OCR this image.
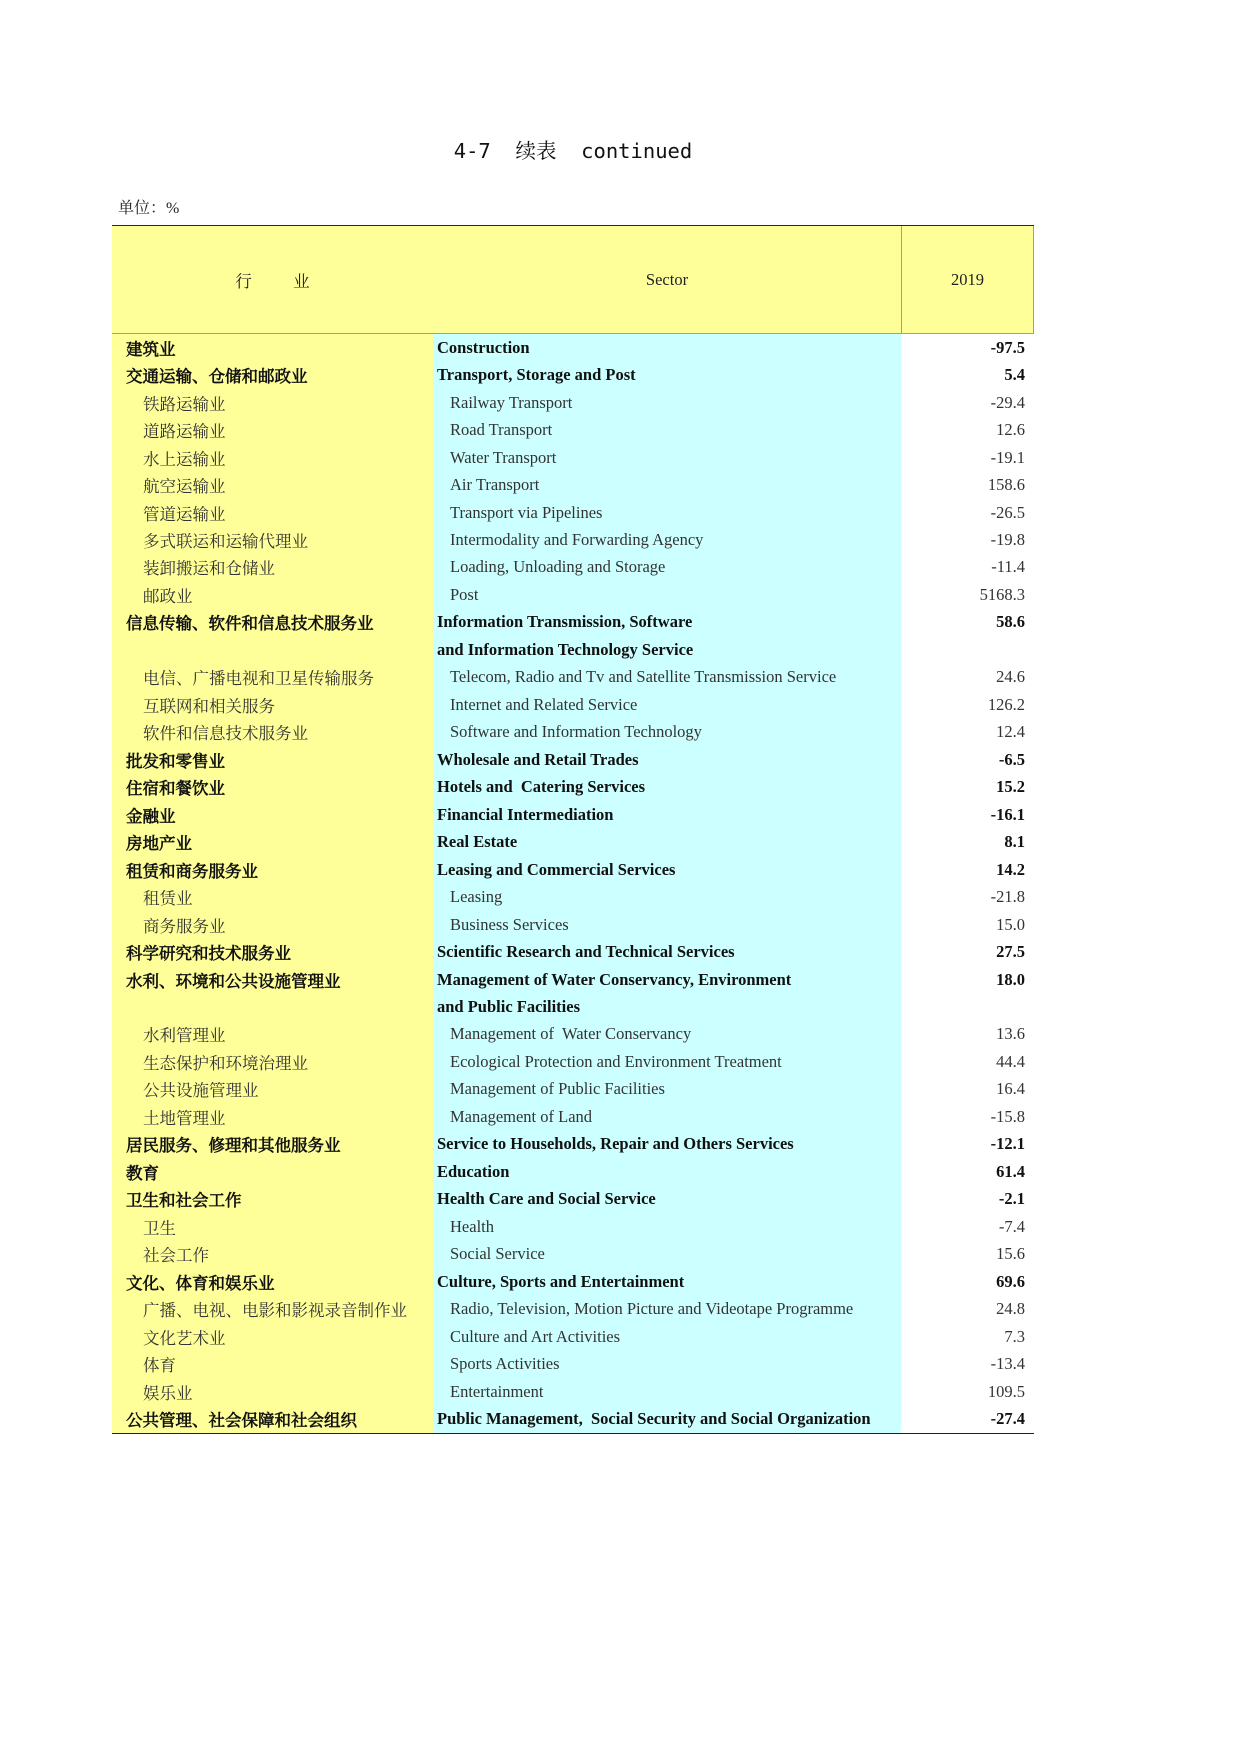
4-7  续表  continued
单位：%
行          业	Sector	2019
建筑业	Construction	-97.5
交通运输、仓储和邮政业	Transport, Storage and Post	5.4
铁路运输业	Railway Transport	-29.4
道路运输业	Road Transport	12.6
水上运输业	Water Transport	-19.1
航空运输业	Air Transport	158.6
管道运输业	Transport via Pipelines	-26.5
多式联运和运输代理业	Intermodality and Forwarding Agency	-19.8
装卸搬运和仓储业	Loading, Unloading and Storage	-11.4
邮政业	Post	5168.3
信息传输、软件和信息技术服务业	Information Transmission, Software	58.6
and Information Technology Service
电信、广播电视和卫星传输服务	Telecom, Radio and Tv and Satellite Transmission Service	24.6
互联网和相关服务	Internet and Related Service	126.2
软件和信息技术服务业	Software and Information Technology	12.4
批发和零售业	Wholesale and Retail Trades	-6.5
住宿和餐饮业	Hotels and  Catering Services	15.2
金融业	Financial Intermediation	-16.1
房地产业	Real Estate	8.1
租赁和商务服务业	Leasing and Commercial Services	14.2
租赁业	Leasing	-21.8
商务服务业	Business Services	15.0
科学研究和技术服务业	Scientific Research and Technical Services	27.5
水利、环境和公共设施管理业	Management of Water Conservancy, Environment	18.0
and Public Facilities
水利管理业	Management of  Water Conservancy	13.6
生态保护和环境治理业	Ecological Protection and Environment Treatment	44.4
公共设施管理业	Management of Public Facilities	16.4
土地管理业	Management of Land	-15.8
居民服务、修理和其他服务业	Service to Households, Repair and Others Services	-12.1
教育	Education	61.4
卫生和社会工作	Health Care and Social Service	-2.1
卫生	Health	-7.4
社会工作	Social Service	15.6
文化、体育和娱乐业	Culture, Sports and Entertainment	69.6
广播、电视、电影和影视录音制作业	Radio, Television, Motion Picture and Videotape Programme	24.8
文化艺术业	Culture and Art Activities	7.3
体育	Sports Activities	-13.4
娱乐业	Entertainment	109.5
公共管理、社会保障和社会组织	Public Management,  Social Security and Social Organization	-27.4
